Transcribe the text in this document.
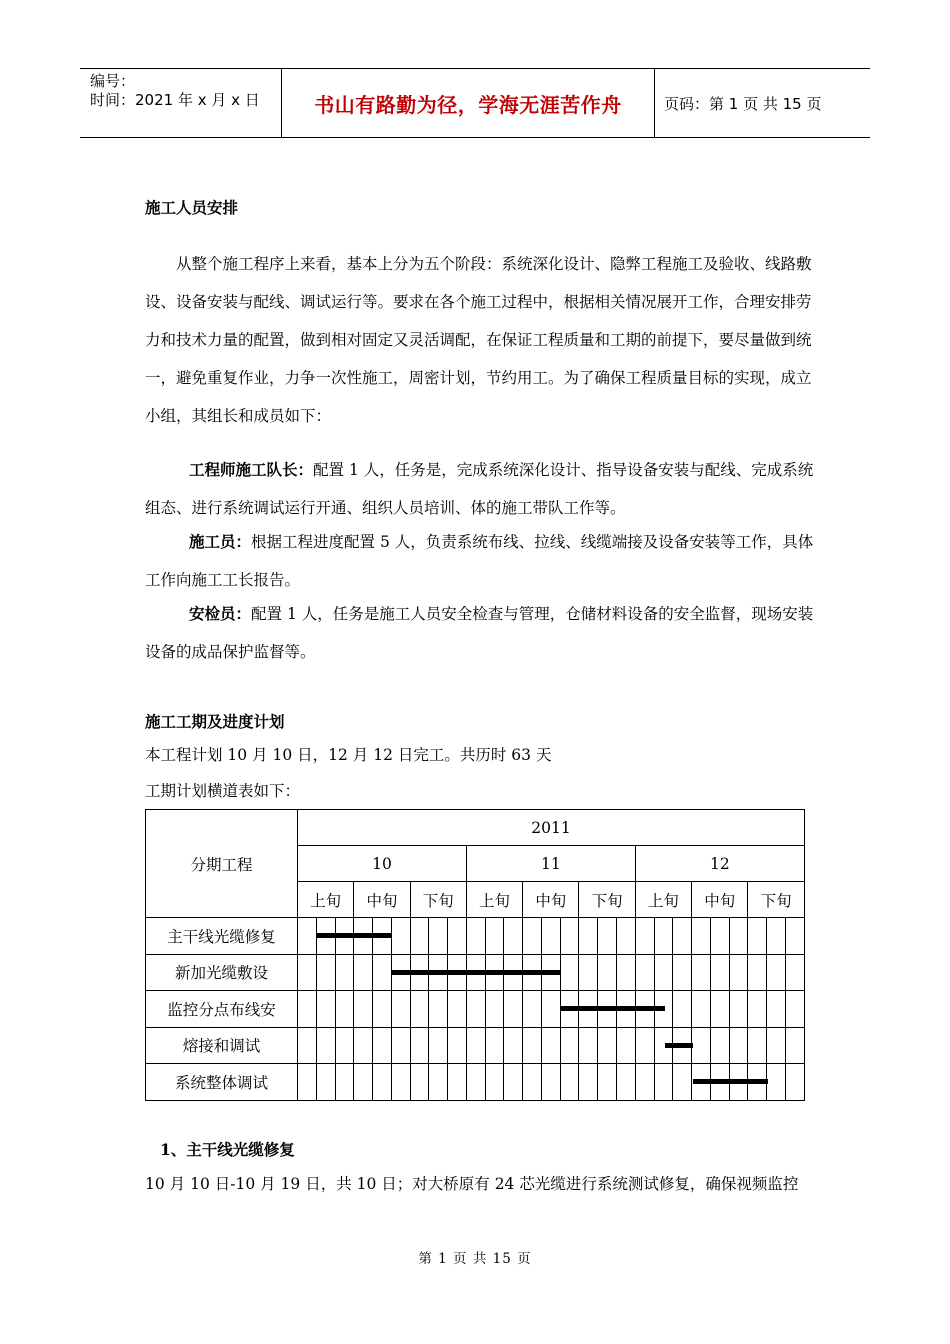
编号：
时间：2021 年 x 月 x 日	书山有路勤为径，学海无涯苦作舟	页码：第 1 页 共 15 页
施工人员安排
从整个施工程序上来看，基本上分为五个阶段：系统深化设计、隐弊工程施工及验收、线路敷设、设备安装与配线、调试运行等。要求在各个施工过程中，根据相关情况展开工作，合理安排劳力和技术力量的配置，做到相对固定又灵活调配，在保证工程质量和工期的前提下，要尽量做到统一，避免重复作业，力争一次性施工，周密计划，节约用工。为了确保工程质量目标的实现，成立小组，其组长和成员如下：
工程师施工队长：配置 1 人，任务是，完成系统深化设计、指导设备安装与配线、完成系统组态、进行系统调试运行开通、组织人员培训、体的施工带队工作等。
施工员：根据工程进度配置 5 人，负责系统布线、拉线、线缆端接及设备安装等工作，具体工作向施工工长报告。
安检员：配置 1 人，任务是施工人员安全检查与管理，仓储材料设备的安全监督，现场安装设备的成品保护监督等。
施工工期及进度计划
本工程计划 10 月 10 日，12 月 12 日完工。共历时 63 天
工期计划横道表如下：
分期工程	2011																										
	10									11									12								
	上旬			中旬			下旬			上旬			中旬			下旬			上旬			中旬			下旬		
主干线光缆修复	

新加光缆敷设	

监控分点布线安	

熔接和调试	

系统整体调试	

1、主干线光缆修复
10 月 10 日-10 月 19 日，共 10 日；对大桥原有 24 芯光缆进行系统测试修复，确保视频监控
第 1 页 共 15 页
